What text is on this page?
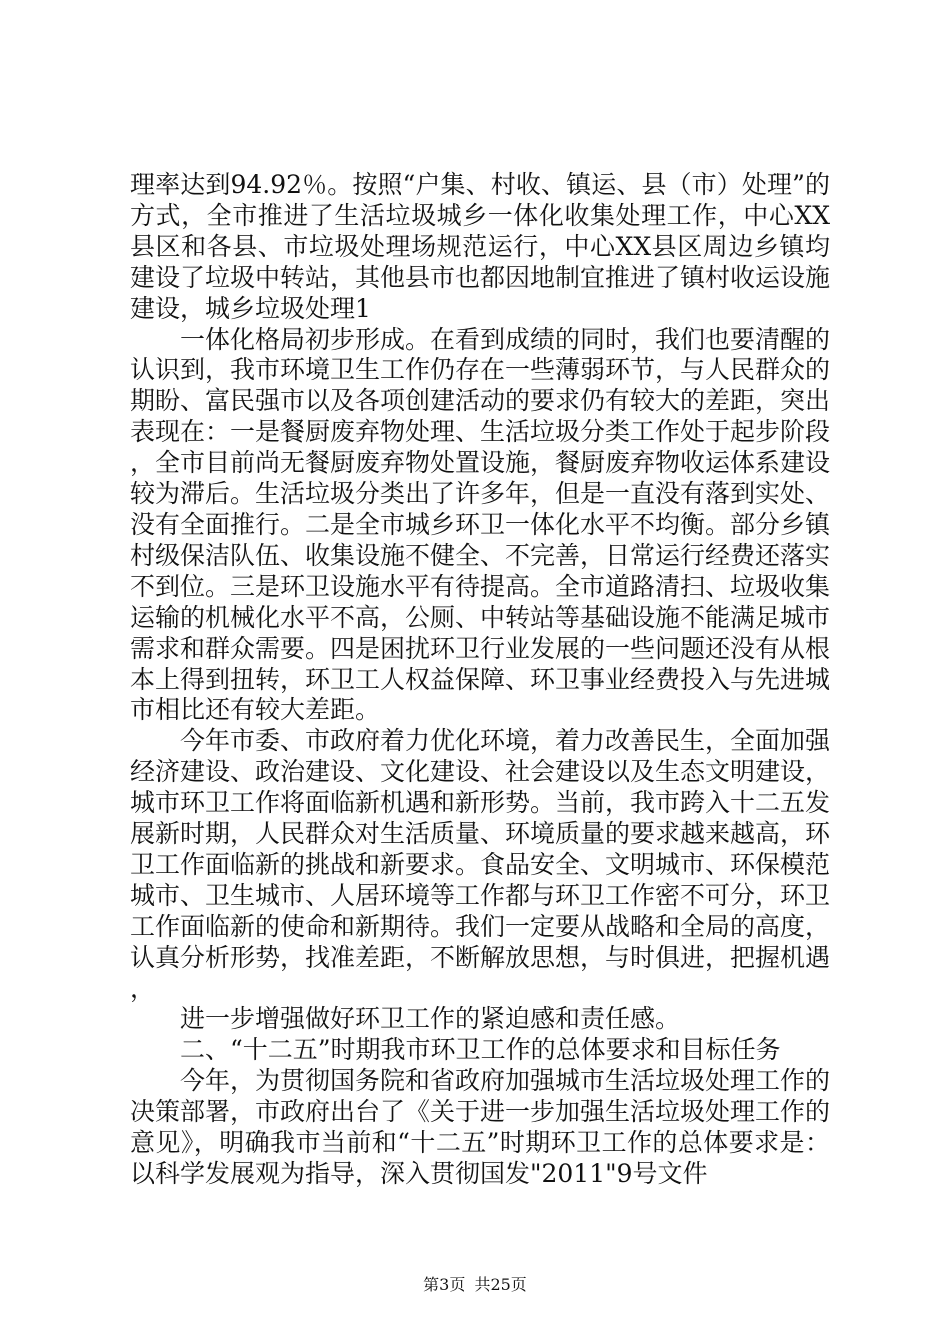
理率达到94.92％。按照“户集、村收、镇运、县（市）处理”的方式，全市推进了生活垃圾城乡一体化收集处理工作，中心XX县区和各县、市垃圾处理场规范运行，中心XX县区周边乡镇均建设了垃圾中转站，其他县市也都因地制宜推进了镇村收运设施建设，城乡垃圾处理1

一体化格局初步形成。在看到成绩的同时，我们也要清醒的认识到，我市环境卫生工作仍存在一些薄弱环节，与人民群众的期盼、富民强市以及各项创建活动的要求仍有较大的差距，突出表现在：一是餐厨废弃物处理、生活垃圾分类工作处于起步阶段，全市目前尚无餐厨废弃物处置设施，餐厨废弃物收运体系建设较为滞后。生活垃圾分类出了许多年，但是一直没有落到实处、没有全面推行。二是全市城乡环卫一体化水平不均衡。部分乡镇村级保洁队伍、收集设施不健全、不完善，日常运行经费还落实不到位。三是环卫设施水平有待提高。全市道路清扫、垃圾收集运输的机械化水平不高，公厕、中转站等基础设施不能满足城市需求和群众需要。四是困扰环卫行业发展的一些问题还没有从根本上得到扭转，环卫工人权益保障、环卫事业经费投入与先进城市相比还有较大差距。

今年市委、市政府着力优化环境，着力改善民生，全面加强经济建设、政治建设、文化建设、社会建设以及生态文明建设，城市环卫工作将面临新机遇和新形势。当前，我市跨入十二五发展新时期，人民群众对生活质量、环境质量的要求越来越高，环卫工作面临新的挑战和新要求。食品安全、文明城市、环保模范城市、卫生城市、人居环境等工作都与环卫工作密不可分，环卫工作面临新的使命和新期待。我们一定要从战略和全局的高度，认真分析形势，找准差距，不断解放思想，与时俱进，把握机遇，

进一步增强做好环卫工作的紧迫感和责任感。

二、“十二五”时期我市环卫工作的总体要求和目标任务

今年，为贯彻国务院和省政府加强城市生活垃圾处理工作的决策部署，市政府出台了《关于进一步加强生活垃圾处理工作的意见》，明确我市当前和“十二五”时期环卫工作的总体要求是：以科学发展观为指导，深入贯彻国发"2011"9号文件

第3页 共25页
